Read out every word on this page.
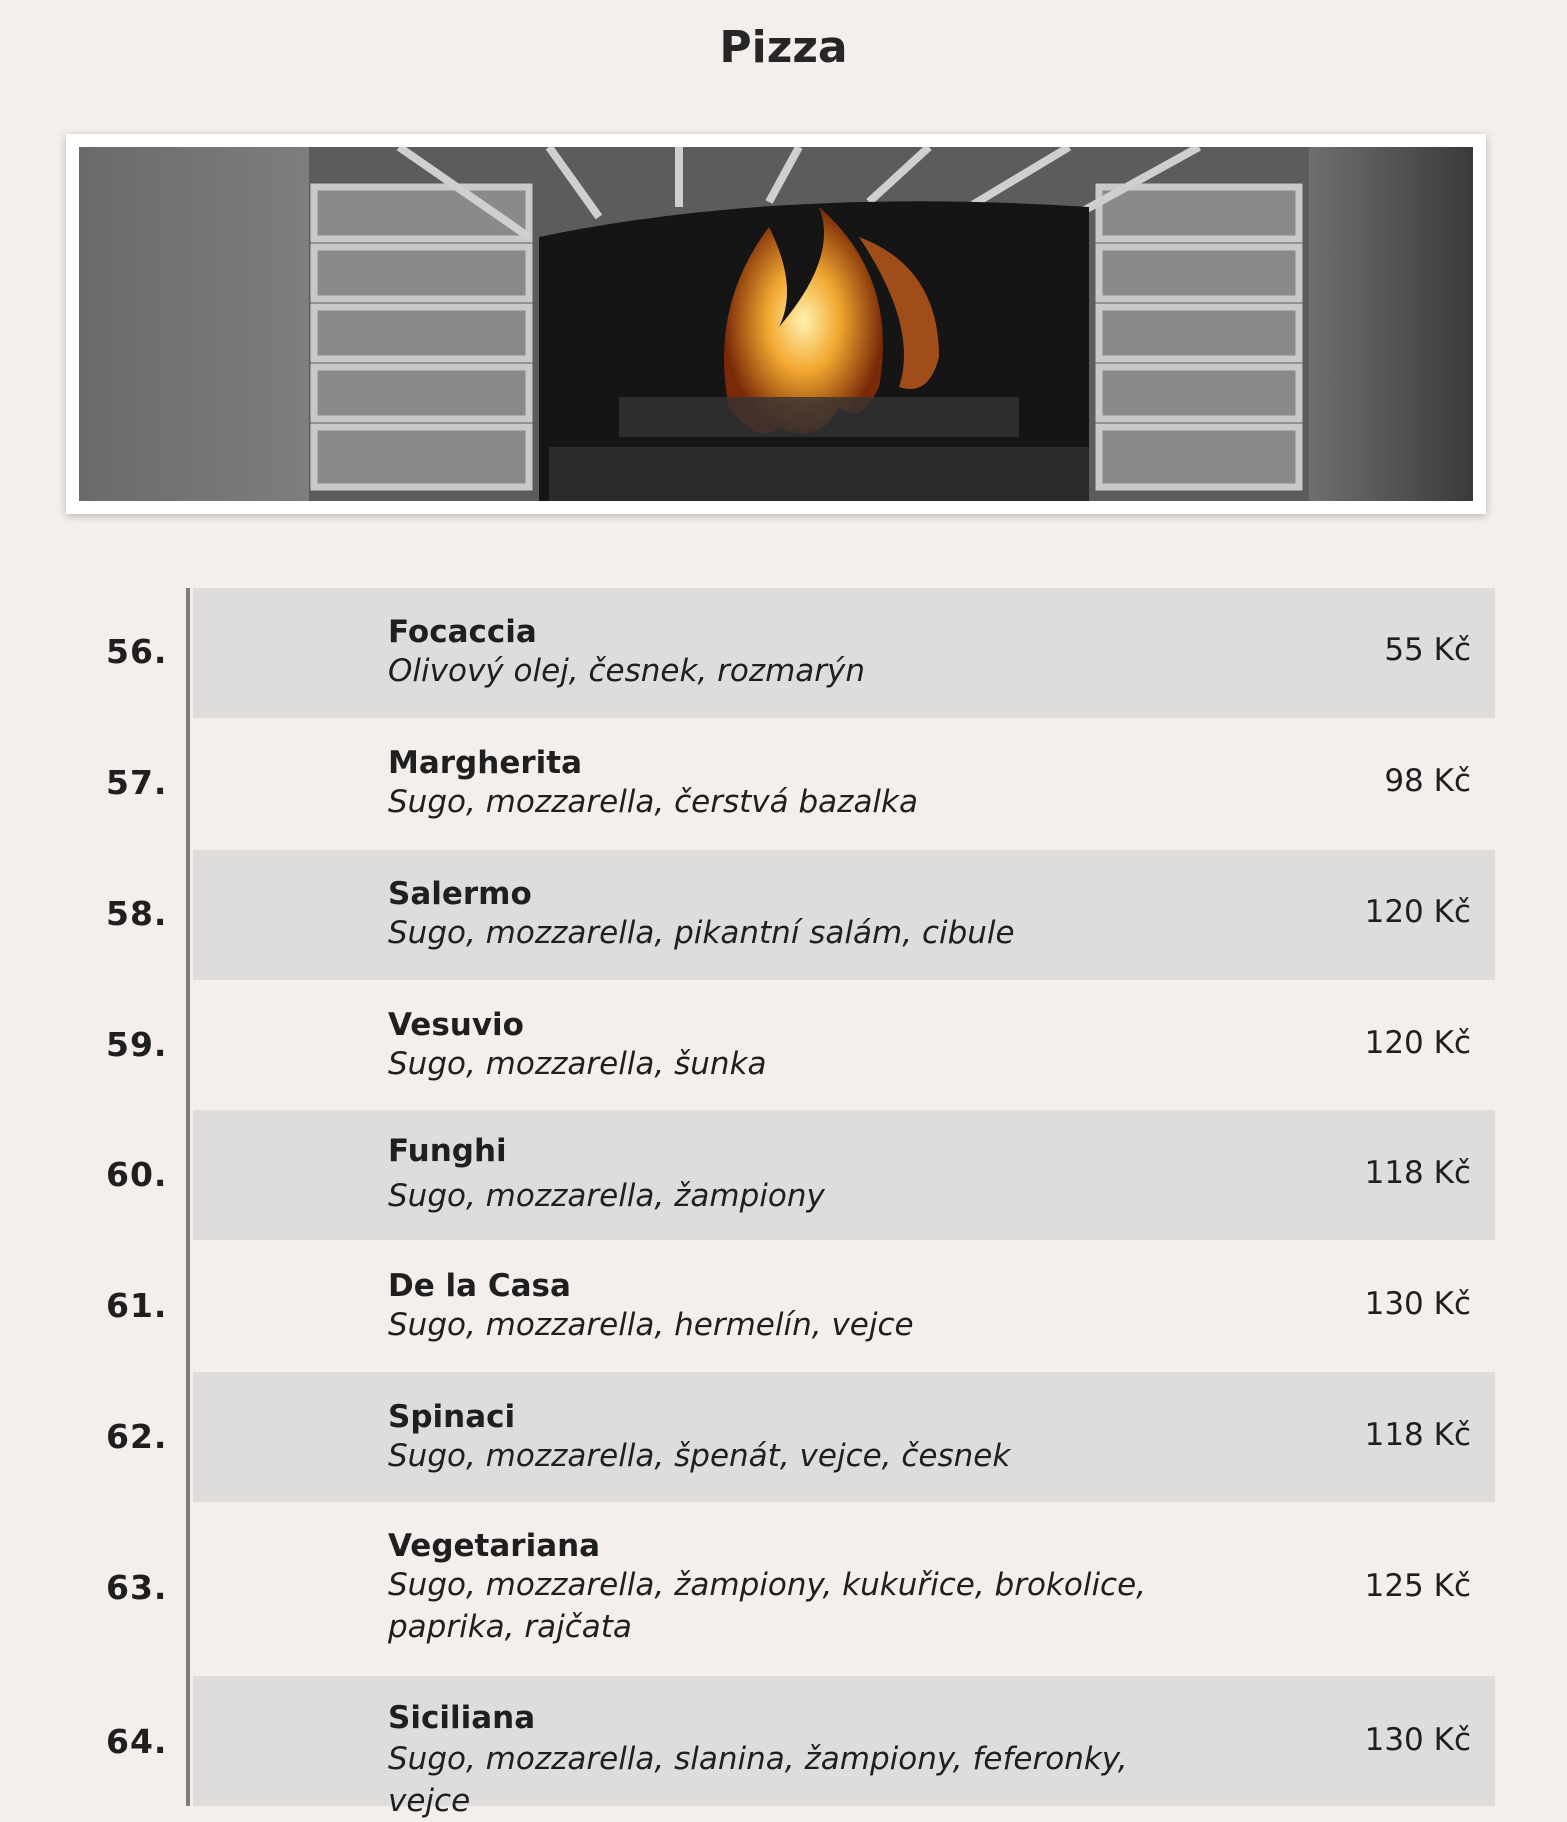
Pizza
56.	Focaccia
Olivový olej, česnek, rozmarýn
55 Kč
57.	Margherita
Sugo, mozzarella, čerstvá bazalka
98 Kč
58.	Salermo
Sugo, mozzarella, pikantní salám, cibule
120 Kč
59.	Vesuvio
Sugo, mozzarella, šunka
120 Kč
60.
Funghi
Sugo, mozzarella, žampiony
118 Kč
61.	De la Casa
Sugo, mozzarella, hermelín, vejce
130 Kč
62.	Spinaci
Sugo, mozzarella, špenát, vejce, česnek
118 Kč
63.
Vegetariana
Sugo, mozzarella, žampiony, kukuřice, brokolice, paprika, rajčata
125 Kč
64.
Siciliana
Sugo, mozzarella, slanina, žampiony, feferonky, vejce
130 Kč
